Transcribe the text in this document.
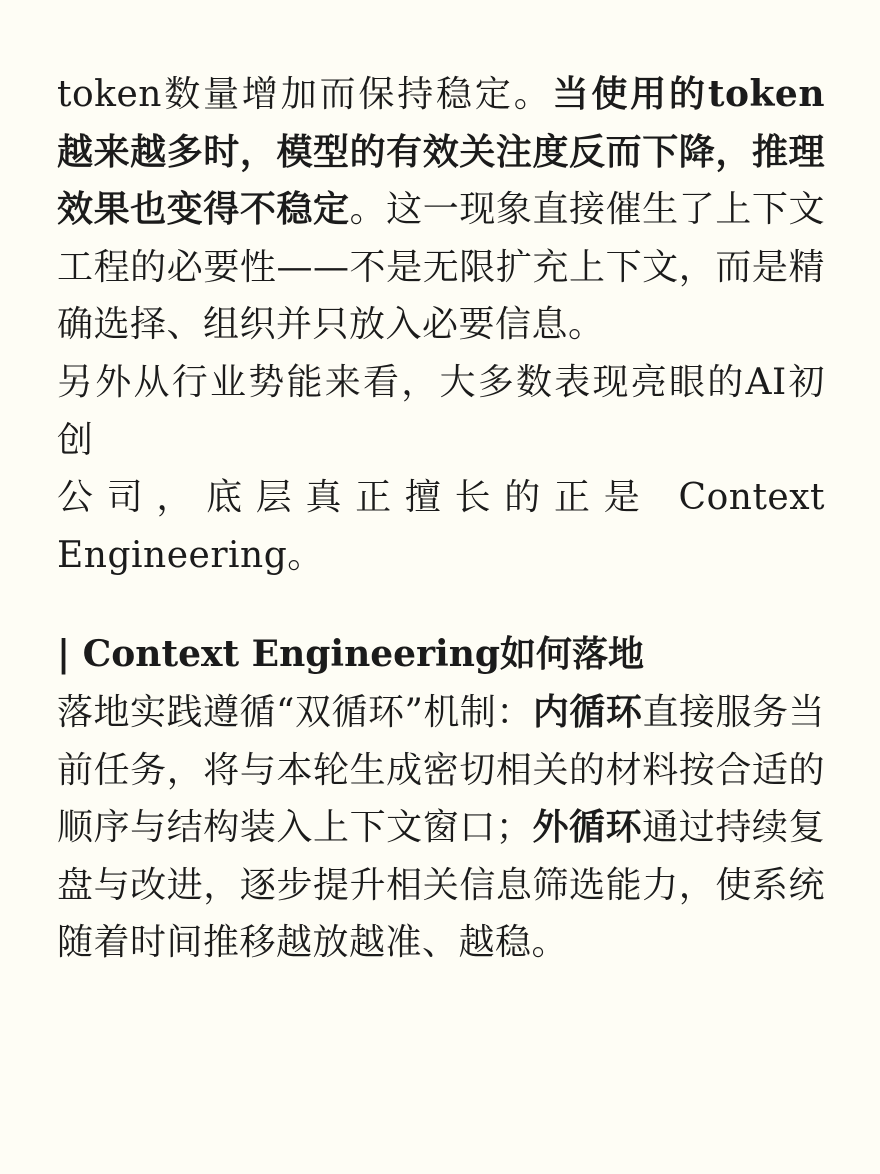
token数量增加而保持稳定。当使用的token越来越多时，模型的有效关注度反而下降，推理效果也变得不稳定。这一现象直接催生了上下文工程的必要性——不是无限扩充上下文，而是精确选择、组织并只放入必要信息。

另外从行业势能来看，大多数表现亮眼的AI初创

公司，底层真正擅长的正是 Context

Engineering。

| Context Engineering如何落地

落地实践遵循“双循环”机制：内循环直接服务当前任务，将与本轮生成密切相关的材料按合适的顺序与结构装入上下文窗口；外循环通过持续复盘与改进，逐步提升相关信息筛选能力，使系统随着时间推移越放越准、越稳。
